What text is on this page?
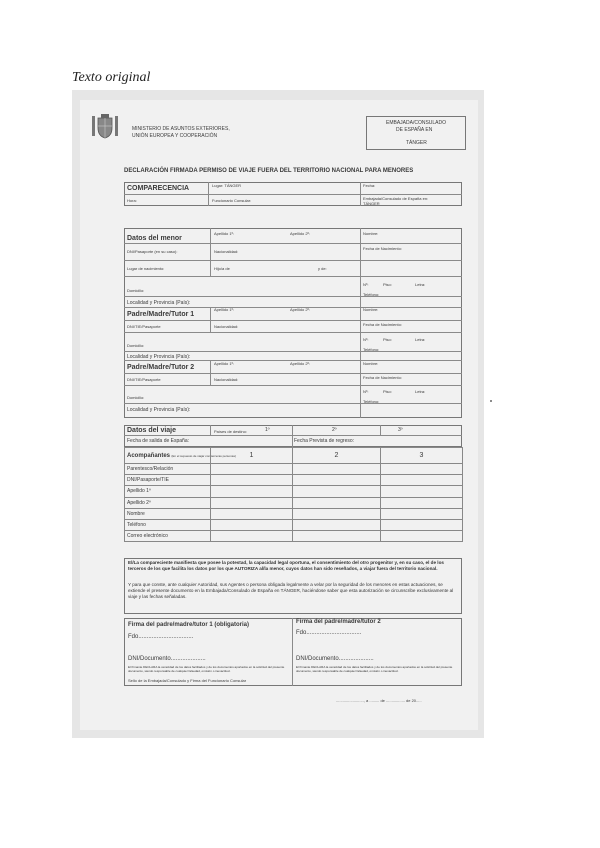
Texto original
MINISTERIO DE ASUNTOS EXTERIORES,
UNIÓN EUROPEA Y COOPERACIÓN
EMBAJADA/CONSULADO
DE ESPAÑA EN
TÁNGER
DECLARACIÓN FIRMADA PERMISO DE VIAJE FUERA DEL TERRITORIO NACIONAL PARA MENORES
COMPARECENCIA	Lugar: TÁNGER	Fecha:
Hora:	Funcionario Consular:	Embajada/Consulado de España en:
TÁNGER
Datos del menor
Apellido 1º:	Apellido 2º:	Nombre:
DNI/Pasaporte (en su caso):	Nacionalidad:
Fecha de Nacimiento:
Lugar de nacimiento:	Hijo/a de	y de:
Domicilio:
Nº:	Piso:	Letra:
Teléfono:
Localidad y Provincia (País):
Padre/Madre/Tutor 1
Apellido 1º:	Apellido 2º:	Nombre:
DNI/TIE/Pasaporte	Nacionalidad:	Fecha de Nacimiento:
Domicilio:
Nº:	Piso:	Letra:
Teléfono:
Localidad y Provincia (País):
Padre/Madre/Tutor 2
Apellido 1º:	Apellido 2º:	Nombre:
DNI/TIE/Pasaporte	Nacionalidad:	Fecha de Nacimiento:
Domicilio:
Nº:	Piso:	Letra:
Teléfono:
Localidad y Provincia (País):
Datos del viaje	Países de destino:	1º	2º	3º
Fecha de salida de España:	Fecha Prevista de regreso:
Acompañantes (En el supuesto de viajar con terceras personas)	1	2	3
Parentesco/Relación			
DNI/Pasaporte/TIE			
Apellido 1º			
Apellido 2º			
Nombre			
Teléfono			
Correo electrónico			
El/La compareciente manifiesta que posee la potestad, la capacidad legal oportuna, el consentimiento del otro progenitor y, en su caso, el de los terceros de los que facilita los datos por los que AUTORIZA al/la menor, cuyos datos han sido reseñados, a viajar fuera del territorio nacional.
Y para que conste, ante cualquier Autoridad, sus Agentes o persona obligada legalmente a velar por la seguridad de los menores en estas actuaciones, se extiende el presente documento en la Embajada/Consulado de España en TÁNGER, haciéndose saber que esta autorización se circunscribe exclusivamente al viaje y las fechas señaladas.
Firma del padre/madre/tutor 1 (obligatoria)	Firma del padre/madre/tutor 2
Fdo.................................
Fdo.................................
DNI/Documento.....................	DNI/Documento.....................
El firmante DECLARA la veracidad de los datos facilitados y de los documentos aportados en la solicitud del presente documento, siendo responsable de cualquier falsedad, omisión o inexactitud.
El firmante DECLARA la veracidad de los datos facilitados y de los documentos aportados en la solicitud del presente documento, siendo responsable de cualquier falsedad, omisión o inexactitud.
Sello de la Embajada/Consulado y Firma del Funcionario Consular
........................., a ......... de ................. de 20.....
